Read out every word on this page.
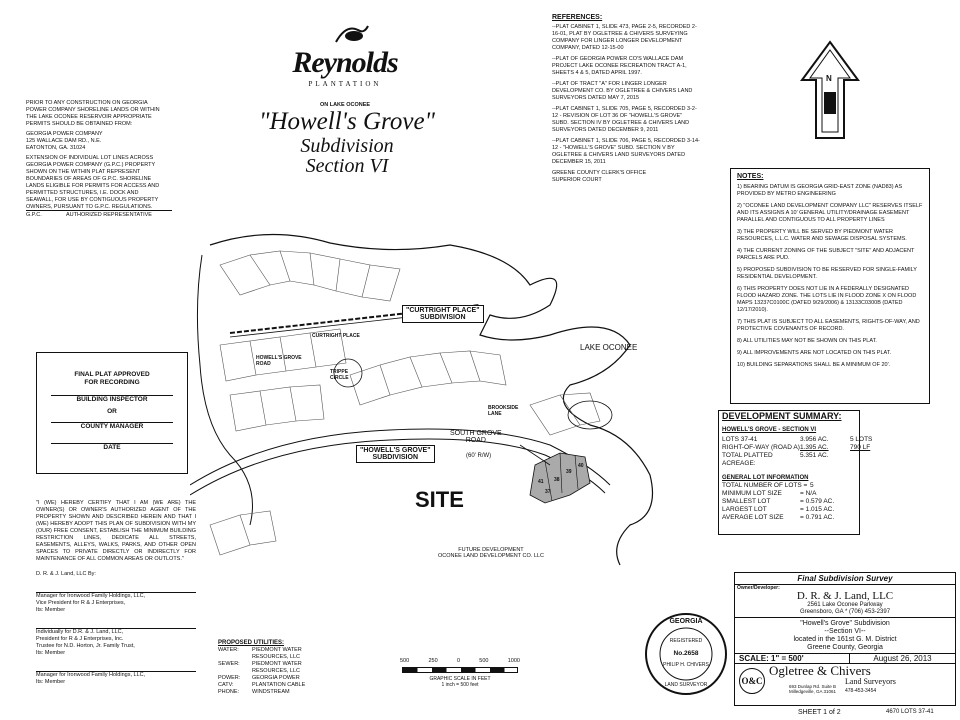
Reynolds
PLANTATION
ON LAKE OCONEE
"Howell's Grove"
Subdivision
Section VI
PRIOR TO ANY CONSTRUCTION ON GEORGIA POWER COMPANY SHORELINE LANDS OR WITHIN THE LAKE OCONEE RESERVOIR APPROPRIATE PERMITS SHOULD BE OBTAINED FROM:
GEORGIA POWER COMPANY
125 WALLACE DAM RD., N.E.
EATONTON, GA. 31024
EXTENSION OF INDIVIDUAL LOT LINES ACROSS GEORGIA POWER COMPANY (G.P.C.) PROPERTY SHOWN ON THE WITHIN PLAT REPRESENT BOUNDARIES OF AREAS OF G.P.C. SHORELINE LANDS ELIGIBLE FOR PERMITS FOR ACCESS AND PERMITTED STRUCTURES, I.E. DOCK AND SEAWALL, FOR USE BY CONTIGUOUS PROPERTY OWNERS, PURSUANT TO G.P.C. REGULATIONS.
G.P.C.	AUTHORIZED REPRESENTATIVE
REFERENCES:
--PLAT CABINET 1, SLIDE 473, PAGE 2-5, RECORDED 2-16-01, PLAT BY OGLETREE & CHIVERS SURVEYING COMPANY FOR LINGER LONGER DEVELOPMENT COMPANY, DATED 12-15-00
--PLAT OF GEORGIA POWER CO'S WALLACE DAM PROJECT LAKE OCONEE RECREATION TRACT A-1, SHEETS 4 & 5, DATED APRIL 1997.
--PLAT OF TRACT "A" FOR LINGER LONGER DEVELOPMENT CO. BY OGLETREE & CHIVERS LAND SURVEYORS DATED MAY 7, 2015
--PLAT CABINET 1, SLIDE 705, PAGE 5, RECORDED 3-2-12 - REVISION OF LOT 36 OF "HOWELL'S GROVE" SUBD. SECTION IV BY OGLETREE & CHIVERS LAND SURVEYORS DATED DECEMBER 9, 2011
--PLAT CABINET 1, SLIDE 706, PAGE 5, RECORDED 3-14-12 - "HOWELL'S GROVE" SUBD. SECTION V BY OGLETREE & CHIVERS LAND SURVEYORS DATED DECEMBER 15, 2011
GREENE COUNTY CLERK'S OFFICE
SUPERIOR COURT
N
NOTES:
1) BEARING DATUM IS GEORGIA GRID-EAST ZONE (NAD83) AS PROVIDED BY METRO ENGINEERING
2) "OCONEE LAND DEVELOPMENT COMPANY LLC" RESERVES ITSELF AND ITS ASSIGNS A 10' GENERAL UTILITY/DRAINAGE EASEMENT PARALLEL AND CONTIGUOUS TO ALL PROPERTY LINES
3) THE PROPERTY WILL BE SERVED BY PIEDMONT WATER RESOURCES, L.L.C. WATER AND SEWAGE DISPOSAL SYSTEMS.
4) THE CURRENT ZONING OF THE SUBJECT "SITE" AND ADJACENT PARCELS ARE PUD.
5) PROPOSED SUBDIVISION TO BE RESERVED FOR SINGLE-FAMILY RESIDENTIAL DEVELOPMENT.
6) THIS PROPERTY DOES NOT LIE IN A FEDERALLY DESIGNATED FLOOD HAZARD ZONE. THE LOTS LIE IN FLOOD ZONE X ON FLOOD MAPS 13237C0100C (DATED 9/29/2006) & 13133C0300B (DATED 12/17/2010).
7) THIS PLAT IS SUBJECT TO ALL EASEMENTS, RIGHTS-OF-WAY, AND PROTECTIVE COVENANTS OF RECORD.
8) ALL UTILITIES MAY NOT BE SHOWN ON THIS PLAT.
9) ALL IMPROVEMENTS ARE NOT LOCATED ON THIS PLAT.
10) BUILDING SEPARATIONS SHALL BE A MINIMUM OF 20'.
FINAL PLAT APPROVED
FOR RECORDING
BUILDING INSPECTOR
OR
COUNTY MANAGER
DATE
"I (WE) HEREBY CERTIFY THAT I AM (WE ARE) THE OWNER(S) OR OWNER'S AUTHORIZED AGENT OF THE PROPERTY SHOWN AND DESCRIBED HEREIN AND THAT I (WE) HEREBY ADOPT THIS PLAN OF SUBDIVISION WITH MY (OUR) FREE CONSENT, ESTABLISH THE MINIMUM BUILDING RESTRICTION LINES, DEDICATE ALL STREETS, EASEMENTS, ALLEYS, WALKS, PARKS, AND OTHER OPEN SPACES TO PRIVATE DIRECTLY OR INDIRECTLY FOR MAINTENANCE OF ALL COMMON AREAS OR OUTLOTS."
D. R. & J. Land, LLC By:
Manager for Ironwood Family Holdings, LLC,
Vice President for R & J Enterprises,
Its: Member
Individually for D.R. & J. Land, LLC,
President for R & J Enterprises, Inc.
Trustee for N.D. Horton, Jr. Family Trust,
Its: Member
Manager for Ironwood Family Holdings, LLC,
Its: Member
PROPOSED UTILITIES:
WATER:	PIEDMONT WATER RESOURCES, LLC
SEWER:	PIEDMONT WATER RESOURCES, LLC
POWER:	GEORGIA POWER
CATV:	PLANTATION CABLE
PHONE:	WINDSTREAM
"CURTRIGHT PLACE"
SUBDIVISION
LAKE OCONEE
SOUTH GROVE
ROAD
(60' R/W)
"HOWELL'S GROVE"
SUBDIVISION
SITE
FUTURE DEVELOPMENT
OCONEE LAND DEVELOPMENT CO. LLC
CURTRIGHT PLACE
HOWELL'S GROVE
ROAD
TRIPPE
CIRCLE
BROOKSIDE
LANE
37
38
39
40
41
DEVELOPMENT SUMMARY:
HOWELL'S GROVE - SECTION VI
LOTS 37-41	3.956 AC.	5 LOTS
RIGHT-OF-WAY (ROAD A) 1.395 AC.	790 LF
TOTAL PLATTED ACREAGE:
5.351 AC.
GENERAL LOT INFORMATION
TOTAL NUMBER OF LOTS = 5
MINIMUM LOT SIZE	= N/A
SMALLEST LOT	= 0.579 AC.
LARGEST LOT	= 1.015 AC.
AVERAGE LOT SIZE	= 0.791 AC.
500	250	0	500	1000
GRAPHIC SCALE IN FEET
1 inch = 500 feet
GEORGIA
REGISTERED
No.2658
PHILIP H. CHIVERS
LAND SURVEYOR
Final Subdivision Survey
Owner/Developer:
D. R. & J. Land, LLC
2561 Lake Oconee Parkway
Greensboro, GA * (706) 453-2397
"Howell's Grove" Subdivision
--Section VI--
located in the 161st G. M. District
Greene County, Georgia
SCALE: 1" = 500'	August 26, 2013
O&C
Ogletree & Chivers
Land Surveyors
693 Dunlap Rd. Suite B
Milledgeville, GA 31061 478-453-3454
SHEET 1 of 2	4670 LOTS 37-41
